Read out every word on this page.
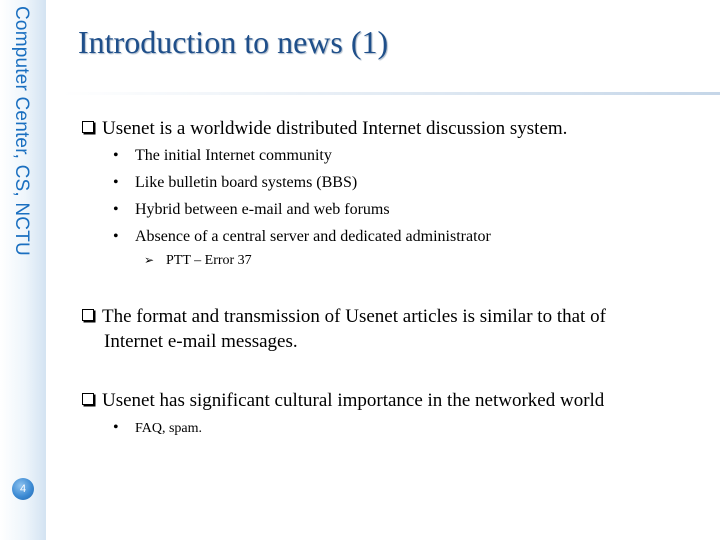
Computer Center, CS, NCTU
4
Introduction to news (1)
Usenet is a worldwide distributed Internet discussion system.
• The initial Internet community
• Like bulletin board systems (BBS)
• Hybrid between e-mail and web forums
• Absence of a central server and dedicated administrator
➢ PTT – Error 37
The format and transmission of Usenet articles is similar to that of
Internet e-mail messages.
Usenet has significant cultural importance in the networked world
• FAQ, spam.
